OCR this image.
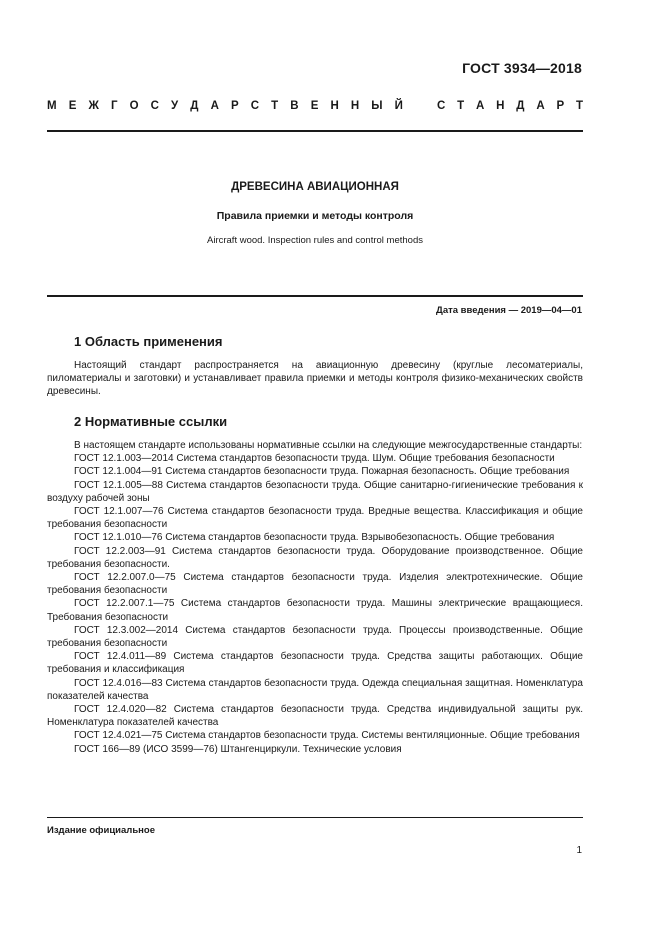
ГОСТ 3934—2018
М Е Ж Г О С У Д А Р С Т В Е Н Н Ы Й	С Т А Н Д А Р Т
ДРЕВЕСИНА АВИАЦИОННАЯ
Правила приемки и методы контроля
Aircraft wood. Inspection rules and control methods
Дата введения — 2019—04—01
1 Область применения

Настоящий стандарт распространяется на авиационную древесину (круглые лесоматериалы, пиломатериалы и заготовки) и устанавливает правила приемки и методы контроля физико-механических свойств древесины.

2 Нормативные ссылки

В настоящем стандарте использованы нормативные ссылки на следующие межгосударственные стандарты:

ГОСТ 12.1.003—2014 Система стандартов безопасности труда. Шум. Общие требования безопасности

ГОСТ 12.1.004—91 Система стандартов безопасности труда. Пожарная безопасность. Общие требования

ГОСТ 12.1.005—88 Система стандартов безопасности труда. Общие санитарно-гигиенические требования к воздуху рабочей зоны

ГОСТ 12.1.007—76 Система стандартов безопасности труда. Вредные вещества. Классификация и общие требования безопасности

ГОСТ 12.1.010—76 Система стандартов безопасности труда. Взрывобезопасность. Общие требования

ГОСТ 12.2.003—91 Система стандартов безопасности труда. Оборудование производственное. Общие требования безопасности.

ГОСТ 12.2.007.0—75 Система стандартов безопасности труда. Изделия электротехнические. Общие требования безопасности

ГОСТ 12.2.007.1—75 Система стандартов безопасности труда. Машины электрические вращающиеся. Требования безопасности

ГОСТ 12.3.002—2014 Система стандартов безопасности труда. Процессы производственные. Общие требования безопасности

ГОСТ 12.4.011—89 Система стандартов безопасности труда. Средства защиты работающих. Общие требования и классификация

ГОСТ 12.4.016—83 Система стандартов безопасности труда. Одежда специальная защитная. Номенклатура показателей качества

ГОСТ 12.4.020—82 Система стандартов безопасности труда. Средства индивидуальной защиты рук. Номенклатура показателей качества

ГОСТ 12.4.021—75 Система стандартов безопасности труда. Системы вентиляционные. Общие требования

ГОСТ 166—89 (ИСО 3599—76) Штангенциркули. Технические условия

Издание официальное
1
